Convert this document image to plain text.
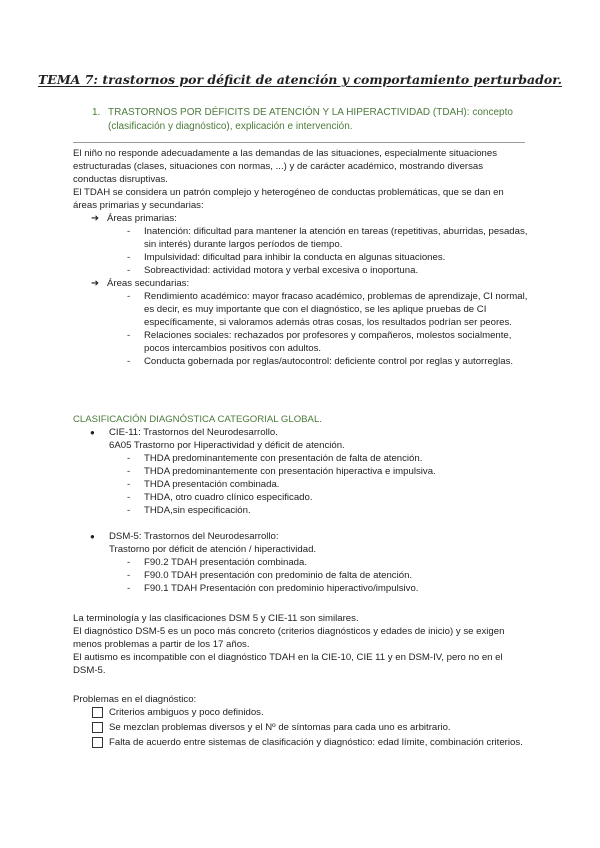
TEMA 7: trastornos por déficit de atención y comportamiento perturbador.
1. TRASTORNOS POR DÉFICITS DE ATENCIÓN Y LA HIPERACTIVIDAD (TDAH): concepto (clasificación y diagnóstico), explicación e intervención.

El niño no responde adecuadamente a las demandas de las situaciones, especialmente situaciones estructuradas (clases, situaciones con normas, ...) y de carácter académico, mostrando diversas conductas disruptivas.

El TDAH se considera un patrón complejo y heterogéneo de conductas problemáticas, que se dan en áreas primarias y secundarias:

➔ Áreas primarias:
- Inatención: dificultad para mantener la atención en tareas (repetitivas, aburridas, pesadas, sin interés) durante largos períodos de tiempo.
- Impulsividad: dificultad para inhibir la conducta en algunas situaciones.
- Sobreactividad: actividad motora y verbal excesiva o inoportuna.
➔ Áreas secundarias:
- Rendimiento académico: mayor fracaso académico, problemas de aprendizaje, CI normal, es decir, es muy importante que con el diagnóstico, se les aplique pruebas de CI específicamente, si valoramos además otras cosas, los resultados podrían ser peores.
- Relaciones sociales: rechazados por profesores y compañeros, molestos socialmente, pocos intercambios positivos con adultos.
- Conducta gobernada por reglas/autocontrol: deficiente control por reglas y autorreglas.

CLASIFICACIÓN DIAGNÓSTICA CATEGORIAL GLOBAL.

● CIE-11: Trastornos del Neurodesarrollo.

6A05 Trastorno por Hiperactividad y déficit de atención.

- THDA predominantemente con presentación de falta de atención.
- THDA predominantemente con presentación hiperactiva e impulsiva.
- THDA presentación combinada.
- THDA, otro cuadro clínico especificado.
- THDA,sin especificación.
● DSM-5: Trastornos del Neurodesarrollo:

Trastorno por déficit de atención / hiperactividad.

- F90.2 TDAH presentación combinada.
- F90.0 TDAH presentación con predominio de falta de atención.
- F90.1 TDAH Presentación con predominio hiperactivo/impulsivo.

La terminología y las clasificaciones DSM 5 y CIE-11 son similares.

El diagnóstico DSM-5 es un poco más concreto (criterios diagnósticos y edades de inicio) y se exigen menos problemas a partir de los 17 años.

El autismo es incompatible con el diagnóstico TDAH en la CIE-10, CIE 11 y en DSM-IV, pero no en el DSM-5.

Problemas en el diagnóstico:

Criterios ambiguos y poco definidos.
Se mezclan problemas diversos y el Nº de síntomas para cada uno es arbitrario.
Falta de acuerdo entre sistemas de clasificación y diagnóstico: edad límite, combinación criterios.
